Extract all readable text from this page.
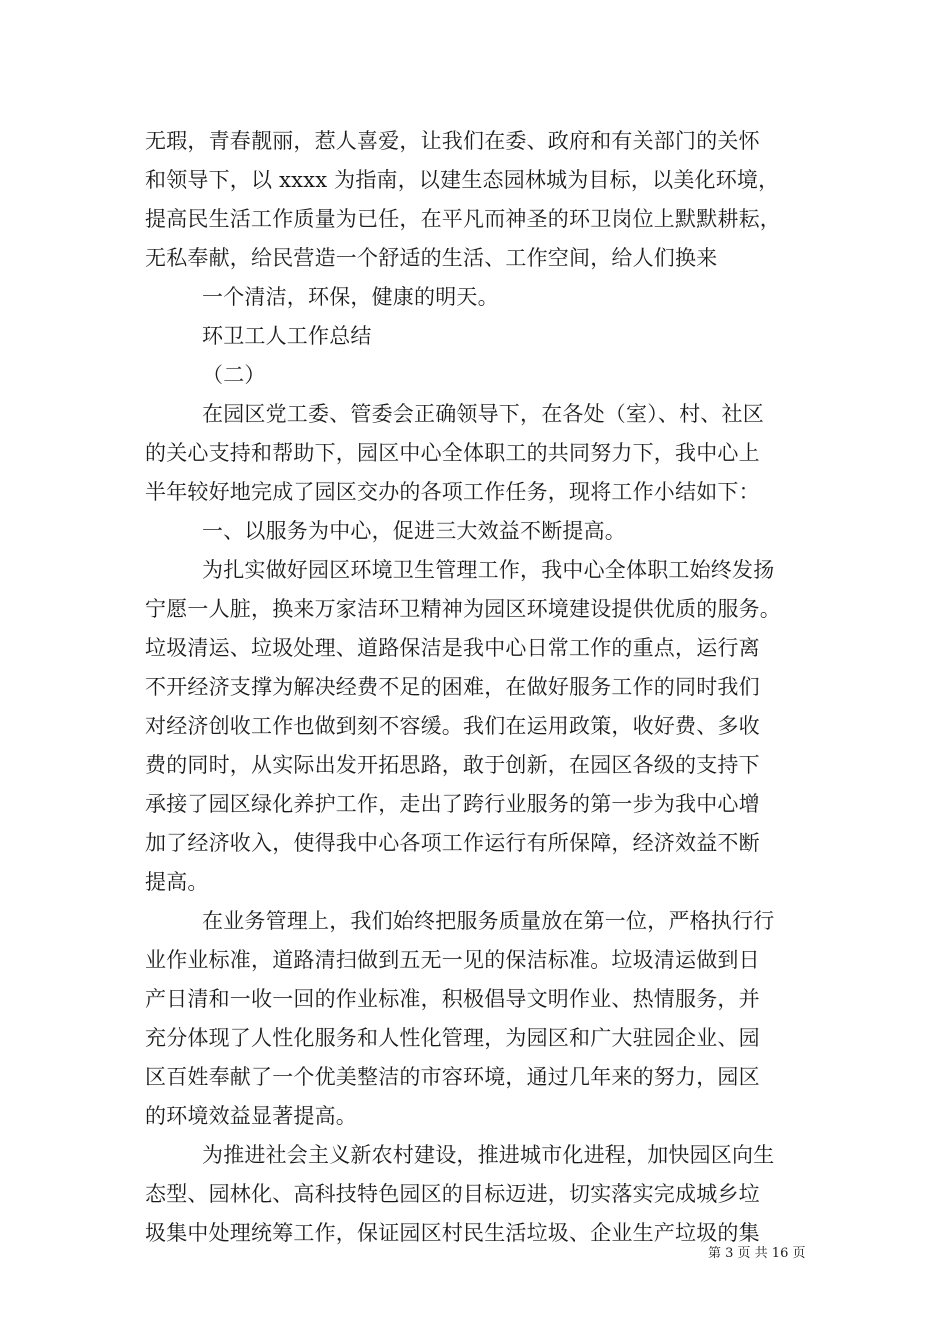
无瑕，青春靓丽，惹人喜爱，让我们在委、政府和有关部门的关怀
和领导下，以 xxxx 为指南，以建生态园林城为目标，以美化环境，
提高民生活工作质量为已任，在平凡而神圣的环卫岗位上默默耕耘，
无私奉献，给民营造一个舒适的生活、工作空间，给人们换来
一个清洁，环保，健康的明天。
环卫工人工作总结
（二）
在园区党工委、管委会正确领导下，在各处（室）、村、社区
的关心支持和帮助下，园区中心全体职工的共同努力下，我中心上
半年较好地完成了园区交办的各项工作任务，现将工作小结如下：
一、以服务为中心，促进三大效益不断提高。
为扎实做好园区环境卫生管理工作，我中心全体职工始终发扬
宁愿一人脏，换来万家洁环卫精神为园区环境建设提供优质的服务。
垃圾清运、垃圾处理、道路保洁是我中心日常工作的重点，运行离
不开经济支撑为解决经费不足的困难，在做好服务工作的同时我们
对经济创收工作也做到刻不容缓。我们在运用政策，收好费、多收
费的同时，从实际出发开拓思路，敢于创新，在园区各级的支持下
承接了园区绿化养护工作，走出了跨行业服务的第一步为我中心增
加了经济收入，使得我中心各项工作运行有所保障，经济效益不断
提高。
在业务管理上，我们始终把服务质量放在第一位，严格执行行
业作业标准，道路清扫做到五无一见的保洁标准。垃圾清运做到日
产日清和一收一回的作业标准，积极倡导文明作业、热情服务，并
充分体现了人性化服务和人性化管理，为园区和广大驻园企业、园
区百姓奉献了一个优美整洁的市容环境，通过几年来的努力，园区
的环境效益显著提高。
为推进社会主义新农村建设，推进城市化进程，加快园区向生
态型、园林化、高科技特色园区的目标迈进，切实落实完成城乡垃
圾集中处理统筹工作，保证园区村民生活垃圾、企业生产垃圾的集
第 3 页 共 16 页
